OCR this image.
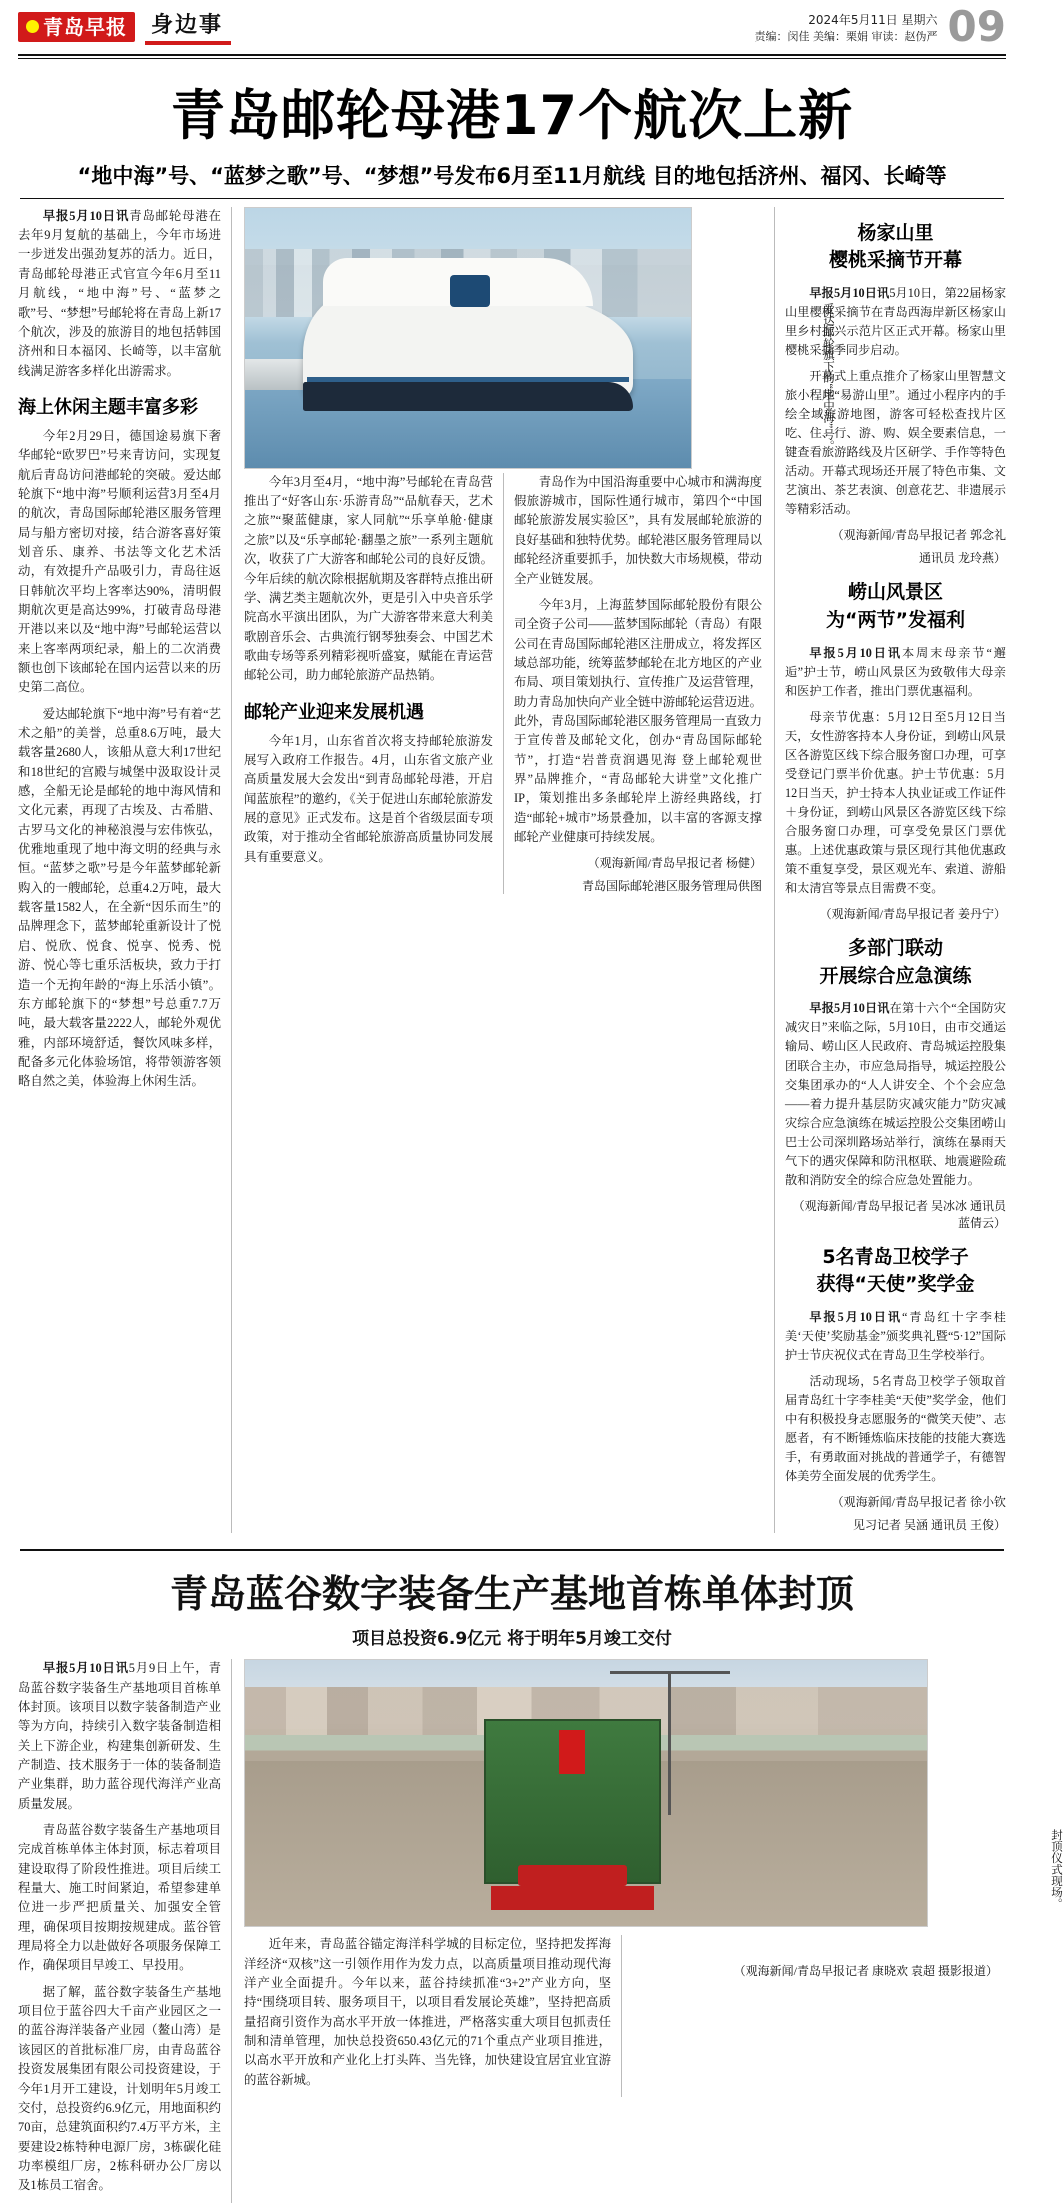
青岛早报 身边事	2024年5月11日 星期六
责编：闵佳 美编：栗娟 审读：赵伪严 09
青岛邮轮母港17个航次上新
“地中海”号、“蓝梦之歌”号、“梦想”号发布6月至11月航线 目的地包括济州、福冈、长崎等

早报5月10日讯青岛邮轮母港在去年9月复航的基础上，今年市场进一步迸发出强劲复苏的活力。近日，青岛邮轮母港正式官宣今年6月至11月航线，“地中海”号、“蓝梦之歌”号、“梦想”号邮轮将在青岛上新17个航次，涉及的旅游目的地包括韩国济州和日本福冈、长崎等，以丰富航线满足游客多样化出游需求。

海上休闲主题丰富多彩

今年2月29日，德国途易旗下奢华邮轮“欧罗巴”号来青访问，实现复航后青岛访问港邮轮的突破。爱达邮轮旗下“地中海”号顺利运营3月至4月的航次，青岛国际邮轮港区服务管理局与船方密切对接，结合游客喜好策划音乐、康养、书法等文化艺术活动，有效提升产品吸引力，青岛往返日韩航次平均上客率达90%，清明假期航次更是高达99%，打破青岛母港开港以来以及“地中海”号邮轮运营以来上客率两项纪录，船上的二次消费额也创下该邮轮在国内运营以来的历史第二高位。

爱达邮轮旗下“地中海”号有着“艺术之船”的美誉，总重8.6万吨，最大载客量2680人，该船从意大利17世纪和18世纪的宫殿与城堡中汲取设计灵感，全船无论是邮轮的地中海风情和文化元素，再现了古埃及、古希腊、古罗马文化的神秘浪漫与宏伟恢弘，优雅地重现了地中海文明的经典与永恒。“蓝梦之歌”号是今年蓝梦邮轮新购入的一艘邮轮，总重4.2万吨，最大载客量1582人，在全新“因乐而生”的品牌理念下，蓝梦邮轮重新设计了悦启、悦欣、悦食、悦享、悦秀、悦游、悦心等七重乐活板块，致力于打造一个无拘年龄的“海上乐活小镇”。东方邮轮旗下的“梦想”号总重7.7万吨，最大载客量2222人，邮轮外观优雅，内部环境舒适，餐饮风味多样，配备多元化体验场馆，将带领游客领略自然之美，体验海上休闲生活。

爱达邮轮旗下的“地中海”号。

今年3月至4月，“地中海”号邮轮在青岛营推出了“好客山东·乐游青岛”“品航春天，艺术之旅”“聚蓝健康，家人同航”“乐享单舱·健康之旅”以及“乐享邮轮·翻墨之旅”一系列主题航次，收获了广大游客和邮轮公司的良好反馈。今年后续的航次除根据航期及客群特点推出研学、满艺类主题航次外，更是引入中央音乐学院高水平演出团队，为广大游客带来意大利美歌剧音乐会、古典流行钢琴独奏会、中国艺术歌曲专场等系列精彩视听盛宴，赋能在青运营邮轮公司，助力邮轮旅游产品热销。

邮轮产业迎来发展机遇

今年1月，山东省首次将支持邮轮旅游发展写入政府工作报告。4月，山东省文旅产业高质量发展大会发出“到青岛邮轮母港，开启闻蓝旅程”的邀约，《关于促进山东邮轮旅游发展的意见》正式发布。这是首个省级层面专项政策，对于推动全省邮轮旅游高质量协同发展具有重要意义。

青岛作为中国沿海重要中心城市和满海度假旅游城市，国际性通行城市，第四个“中国邮轮旅游发展实验区”，具有发展邮轮旅游的良好基础和独特优势。邮轮港区服务管理局以邮轮经济重要抓手，加快数大市场规模，带动全产业链发展。

今年3月，上海蓝梦国际邮轮股份有限公司全资子公司——蓝梦国际邮轮（青岛）有限公司在青岛国际邮轮港区注册成立，将发挥区域总部功能，统筹蓝梦邮轮在北方地区的产业布局、项目策划执行、宣传推广及运营管理，助力青岛加快向产业全链中游邮轮运营迈进。此外，青岛国际邮轮港区服务管理局一直致力于宣传普及邮轮文化，创办“青岛国际邮轮节”，打造“岩普贲润遇见海 登上邮轮观世界”品牌推介，“青岛邮轮大讲堂”文化推广IP，策划推出多条邮轮岸上游经典路线，打造“邮轮+城市”场景叠加，以丰富的客源支撑邮轮产业健康可持续发展。

（观海新闻/青岛早报记者 杨健）

青岛国际邮轮港区服务管理局供图

杨家山里
樱桃采摘节开幕

早报5月10日讯5月10日，第22届杨家山里樱桃采摘节在青岛西海岸新区杨家山里乡村振兴示范片区正式开幕。杨家山里樱桃采摘季同步启动。

开幕式上重点推介了杨家山里智慧文旅小程序“易游山里”。通过小程序内的手绘全域旅游地图，游客可轻松查找片区吃、住、行、游、购、娱全要素信息，一键查看旅游路线及片区研学、手作等特色活动。开幕式现场还开展了特色市集、文艺演出、茶艺表演、创意花艺、非遗展示等精彩活动。

（观海新闻/青岛早报记者 郭念礼

通讯员 龙玲燕）

崂山风景区
为“两节”发福利

早报5月10日讯本周末母亲节“邂逅”护士节，崂山风景区为致敬伟大母亲和医护工作者，推出门票优惠福利。

母亲节优惠：5月12日至5月12日当天，女性游客持本人身份证，到崂山风景区各游览区线下综合服务窗口办理，可享受登记门票半价优惠。护士节优惠：5月12日当天，护士持本人执业证或工作证件＋身份证，到崂山风景区各游览区线下综合服务窗口办理，可享受免景区门票优惠。上述优惠政策与景区现行其他优惠政策不重复享受，景区观光车、索道、游船和太清宫等景点目需费不变。

（观海新闻/青岛早报记者 姜丹宁）

多部门联动
开展综合应急演练

早报5月10日讯在第十六个“全国防灾减灾日”来临之际，5月10日，由市交通运输局、崂山区人民政府、青岛城运控股集团联合主办，市应急局指导，城运控股公交集团承办的“人人讲安全、个个会应急——着力提升基层防灾减灾能力”防灾减灾综合应急演练在城运控股公交集团崂山巴士公司深圳路场站举行，演练在暴雨天气下的遇灾保障和防汛枢联、地震避险疏散和消防安全的综合应急处置能力。

（观海新闻/青岛早报记者 吴冰冰 通讯员 蓝倩云）

5名青岛卫校学子
获得“天使”奖学金

早报5月10日讯“青岛红十字李桂美‘天使’奖励基金”颁奖典礼暨“5·12”国际护士节庆祝仪式在青岛卫生学校举行。

活动现场，5名青岛卫校学子领取首届青岛红十字李桂美“天使”奖学金，他们中有积极投身志愿服务的“微笑天使”、志愿者，有不断锤炼临床技能的技能大赛选手，有勇敢面对挑战的普通学子，有德智体美劳全面发展的优秀学生。

（观海新闻/青岛早报记者 徐小钦

见习记者 吴涵 通讯员 王俊）

青岛蓝谷数字装备生产基地首栋单体封顶
项目总投资6.9亿元 将于明年5月竣工交付

早报5月10日讯5月9日上午，青岛蓝谷数字装备生产基地项目首栋单体封顶。该项目以数字装备制造产业等为方向，持续引入数字装备制造相关上下游企业，构建集创新研发、生产制造、技术服务于一体的装备制造产业集群，助力蓝谷现代海洋产业高质量发展。

青岛蓝谷数字装备生产基地项目完成首栋单体主体封顶，标志着项目建设取得了阶段性推进。项目后续工程量大、施工时间紧迫，希望参建单位进一步严把质量关、加强安全管理，确保项目按期按规建成。蓝谷管理局将全力以赴做好各项服务保障工作，确保项目早竣工、早投用。

据了解，蓝谷数字装备生产基地项目位于蓝谷四大千亩产业园区之一的蓝谷海洋装备产业园（鳌山湾）是该园区的首批标准厂房，由青岛蓝谷投资发展集团有限公司投资建设，于今年1月开工建设，计划明年5月竣工交付，总投资约6.9亿元，用地面积约70亩，总建筑面积约7.4万平方米，主要建设2栋特种电源厂房，3栋碳化硅功率模组厂房，2栋科研办公厂房以及1栋员工宿舍。

封顶仪式现场。

近年来，青岛蓝谷锚定海洋科学城的目标定位，坚持把发挥海洋经济“双核”这一引领作用作为发力点，以高质量项目推动现代海洋产业全面提升。今年以来，蓝谷持续抓准“3+2”产业方向，坚持“围绕项目转、服务项目干，以项目看发展论英雄”，坚持把高质量招商引资作为高水平开放一体推进，严格落实重大项目包抓责任制和清单管理，加快总投资650.43亿元的71个重点产业项目推进，以高水平开放和产业化上打头阵、当先锋，加快建设宜居宜业宜游的蓝谷新城。

（观海新闻/青岛早报记者 康晓欢 袁超 摄影报道）
